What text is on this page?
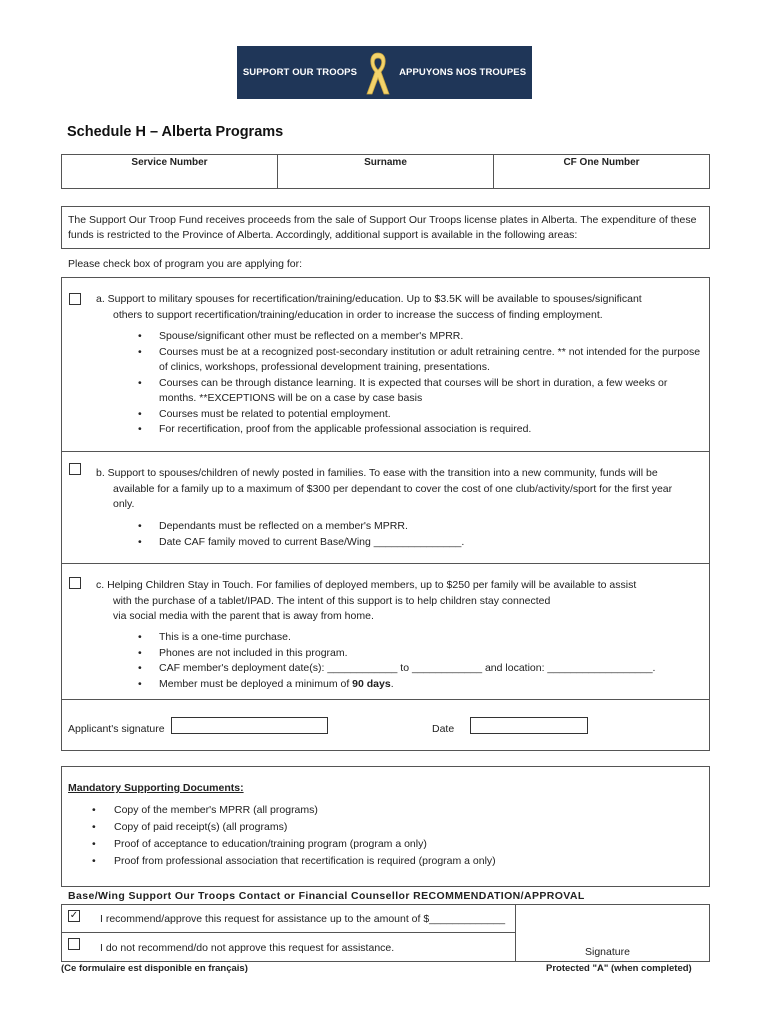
SUPPORT OUR TROOPS	APPUYONS NOS TROUPES
Schedule H – Alberta Programs
Service Number	Surname	CF One Number
The Support Our Troop Fund receives proceeds from the sale of Support Our Troops license plates in Alberta. The expenditure of these
funds is restricted to the Province of Alberta. Accordingly, additional support is available in the following areas:
Please check box of program you are applying for:
a. Support to military spouses for recertification/training/education. Up to $3.5K will be available to spouses/significant
others to support recertification/training/education in order to increase the success of finding employment.
• Spouse/significant other must be reflected on a member's MPRR.
• Courses must be at a recognized post-secondary institution or adult retraining centre. ** not intended for the purpose of clinics, workshops, professional development training, presentations.
• Courses can be through distance learning. It is expected that courses will be short in duration, a few weeks or months. **EXCEPTIONS will be on a case by case basis
• Courses must be related to potential employment.
• For recertification, proof from the applicable professional association is required.
b. Support to spouses/children of newly posted in families. To ease with the transition into a new community, funds will be
available for a family up to a maximum of $300 per dependant to cover the cost of one club/activity/sport for the first year
only.
• Dependants must be reflected on a member's MPRR.
• Date CAF family moved to current Base/Wing _______________.
c. Helping Children Stay in Touch. For families of deployed members, up to $250 per family will be available to assist
with the purchase of a tablet/IPAD. The intent of this support is to help children stay connected
via social media with the parent that is away from home.
• This is a one-time purchase.
• Phones are not included in this program.
• CAF member's deployment date(s): ____________ to ____________ and location: __________________.
• Member must be deployed a minimum of 90 days.
Applicant's signature	Date
Mandatory Supporting Documents:
• Copy of the member's MPRR (all programs)
• Copy of paid receipt(s) (all programs)
• Proof of acceptance to education/training program (program a only)
• Proof from professional association that recertification is required (program a only)
Base/Wing Support Our Troops Contact or Financial Counsellor RECOMMENDATION/APPROVAL
✓ I recommend/approve this request for assistance up to the amount of $_____________
I do not recommend/do not approve this request for assistance.	Signature
(Ce formulaire est disponible en français)	Protected "A" (when completed)
